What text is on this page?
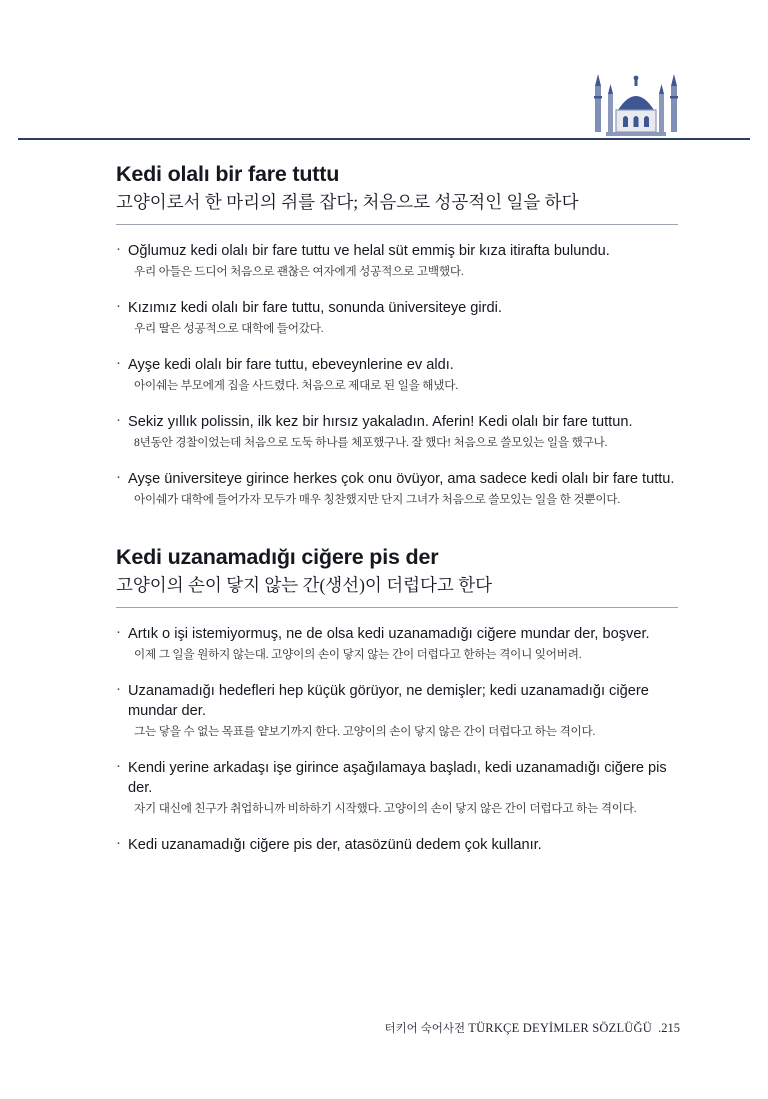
Kedi olalı bir fare tuttu
고양이로서 한 마리의 쥐를 잡다; 처음으로 성공적인 일을 하다
· Oğlumuz kedi olalı bir fare tuttu ve helal süt emmiş bir kıza itirafta bulundu.
우리 아들은 드디어 처음으로 괜찮은 여자에게 성공적으로 고백했다.
· Kızımız kedi olalı bir fare tuttu, sonunda üniversiteye girdi.
우리 딸은 성공적으로 대학에 들어갔다.
· Ayşe kedi olalı bir fare tuttu, ebeveynlerine ev aldı.
아이쉐는 부모에게 집을 사드렸다. 처음으로 제대로 된 일을 해냈다.
· Sekiz yıllık polissin, ilk kez bir hırsız yakaladın. Aferin! Kedi olalı bir fare tuttun.
8년동안 경찰이었는데 처음으로 도둑 하나를 체포했구나. 잘 했다! 처음으로 쓸모있는 일을 했구나.
· Ayşe üniversiteye girince herkes çok onu övüyor, ama sadece kedi olalı bir fare tuttu.
아이쉐가 대학에 들어가자 모두가 매우 칭찬했지만 단지 그녀가 처음으로 쓸모있는 일을 한 것뿐이다.
Kedi uzanamadığı ciğere pis der
고양이의 손이 닿지 않는 간(생선)이 더럽다고 한다
· Artık o işi istemiyormuş, ne de olsa kedi uzanamadığı ciğere mundar der, boşver.
이제 그 일을 원하지 않는대. 고양이의 손이 닿지 않는 간이 더럽다고 한하는 격이니 잊어버려.
· Uzanamadığı hedefleri hep küçük görüyor, ne demişler; kedi uzanamadığı ciğere mundar der.
그는 닿을 수 없는 목표를 얕보기까지 한다. 고양이의 손이 닿지 않은 간이 더럽다고 하는 격이다.
· Kendi yerine arkadaşı işe girince aşağılamaya başladı, kedi uzanamadığı ciğere pis der.
자기 대신에 친구가 취업하니까 비하하기 시작했다. 고양이의 손이 닿지 않은 간이 더럽다고 하는 격이다.
· Kedi uzanamadığı ciğere pis der, atasözünü dedem çok kullanır.
터키어 숙어사전 TÜRKÇE DEYİMLER SÖZLÜĞÜ .215
